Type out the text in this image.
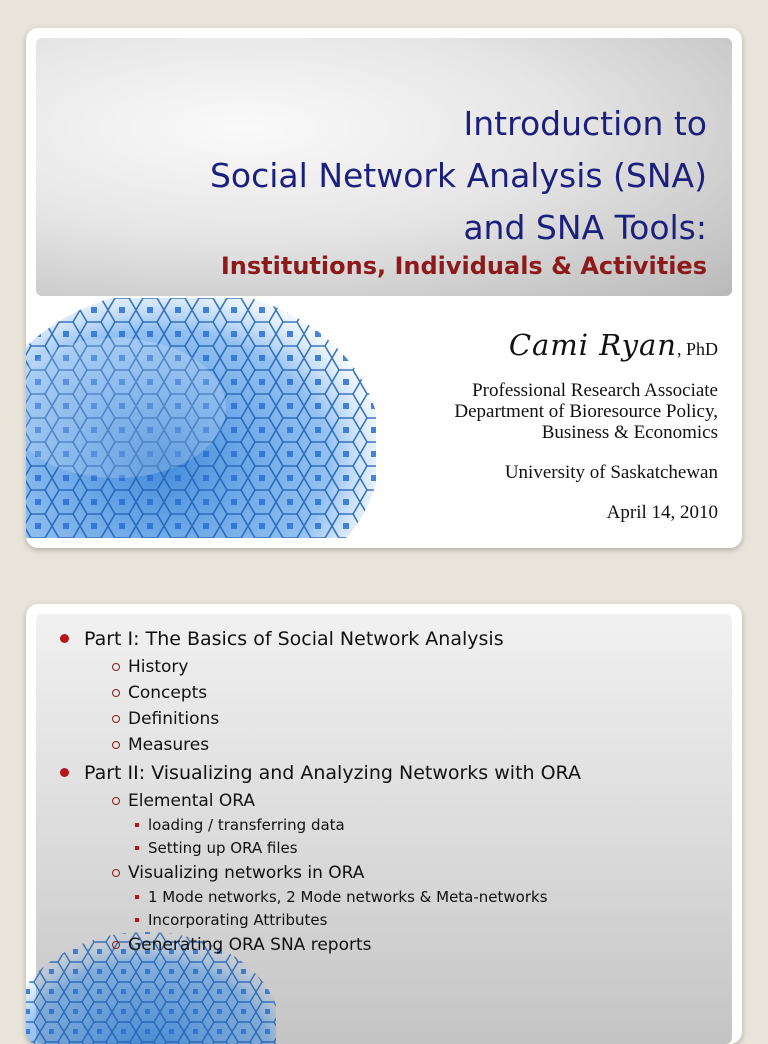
Introduction to
Social Network Analysis (SNA)
and SNA Tools:
Institutions, Individuals & Activities
Cami Ryan, PhD
Professional Research Associate
Department of Bioresource Policy,
Business & Economics
University of Saskatchewan
April 14, 2010
Part I: The Basics of Social Network Analysis
History
Concepts
Definitions
Measures
Part II: Visualizing and Analyzing Networks with ORA
Elemental ORA
loading / transferring data
Setting up ORA files
Visualizing networks in ORA
1 Mode networks, 2 Mode networks & Meta-networks
Incorporating Attributes
Generating ORA SNA reports
